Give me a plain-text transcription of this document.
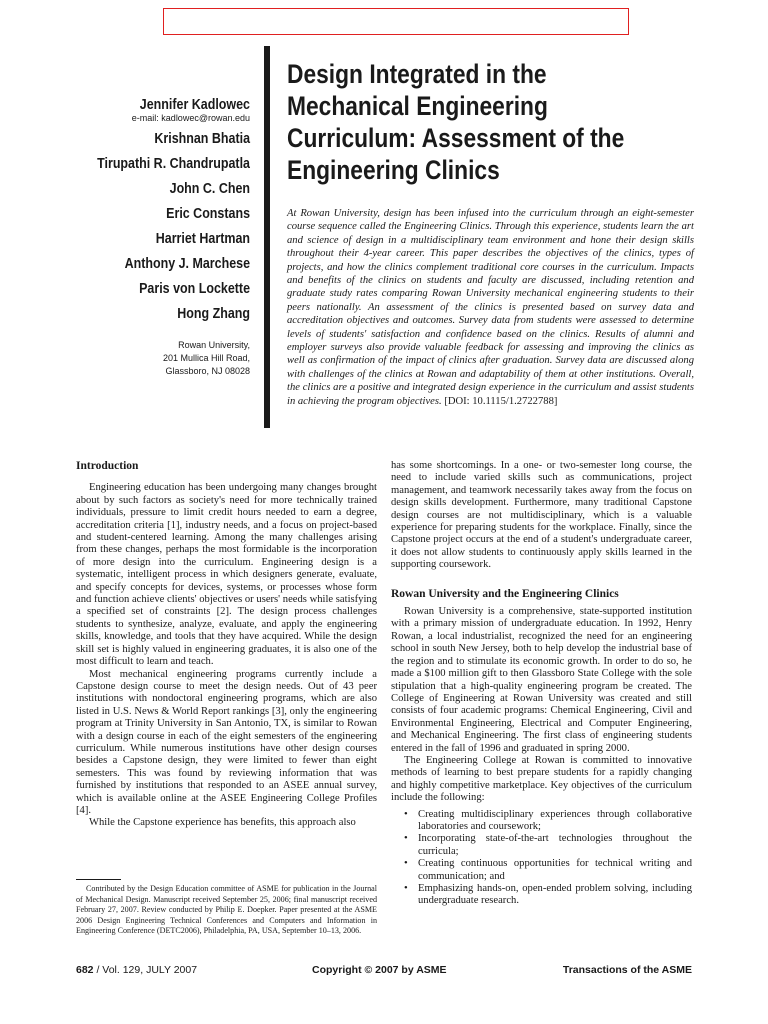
Jennifer Kadlowec
e-mail: kadlowec@rowan.edu
Krishnan Bhatia
Tirupathi R. Chandrupatla
John C. Chen
Eric Constans
Harriet Hartman
Anthony J. Marchese
Paris von Lockette
Hong Zhang
Rowan University,
201 Mullica Hill Road,
Glassboro, NJ 08028
Design Integrated in the Mechanical Engineering Curriculum: Assessment of the Engineering Clinics

At Rowan University, design has been infused into the curriculum through an eight-semester course sequence called the Engineering Clinics. Through this experience, students learn the art and science of design in a multidisciplinary team environment and hone their design skills throughout their 4-year career. This paper describes the objectives of the clinics, types of projects, and how the clinics complement traditional core courses in the curriculum. Impacts and benefits of the clinics on students and faculty are discussed, including retention and graduate study rates comparing Rowan University mechanical engineering students to their peers nationally. An assessment of the clinics is presented based on survey data and accreditation objectives and outcomes. Survey data from students were assessed to determine levels of students' satisfaction and confidence based on the clinics. Results of alumni and employer surveys also provide valuable feedback for assessing and improving the clinics as well as confirmation of the impact of clinics after graduation. Survey data are discussed along with challenges of the clinics at Rowan and adaptability of them at other institutions. Overall, the clinics are a positive and integrated design experience in the curriculum and assist students in achieving the program objectives. [DOI: 10.1115/1.2722788]

Introduction

Engineering education has been undergoing many changes brought about by such factors as society's need for more technically trained individuals, pressure to limit credit hours needed to earn a degree, accreditation criteria [1], industry needs, and a focus on project-based and student-centered learning. Among the many challenges arising from these changes, perhaps the most formidable is the incorporation of more design into the curriculum. Engineering design is a systematic, intelligent process in which designers generate, evaluate, and specify concepts for devices, systems, or processes whose form and function achieve clients' objectives or users' needs while satisfying a specified set of constraints [2]. The design process challenges students to synthesize, analyze, evaluate, and apply the engineering skills, knowledge, and tools that they have acquired. While the design skill set is highly valued in engineering graduates, it is also one of the most difficult to learn and teach.

Most mechanical engineering programs currently include a Capstone design course to meet the design needs. Out of 43 peer institutions with nondoctoral engineering programs, which are also listed in U.S. News & World Report rankings [3], only the engineering program at Trinity University in San Antonio, TX, is similar to Rowan with a design course in each of the eight semesters of the engineering curriculum. While numerous institutions have other design courses besides a Capstone design, they were limited to fewer than eight semesters. This was found by reviewing information that was furnished by institutions that responded to an ASEE annual survey, which is available online at the ASEE Engineering College Profiles [4].

While the Capstone experience has benefits, this approach also

has some shortcomings. In a one- or two-semester long course, the need to include varied skills such as communications, project management, and teamwork necessarily takes away from the focus on design skills development. Furthermore, many traditional Capstone design courses are not multidisciplinary, which is a valuable experience for preparing students for the workplace. Finally, since the Capstone project occurs at the end of a student's undergraduate career, it does not allow students to continuously apply skills learned in the supporting coursework.

Rowan University and the Engineering Clinics

Rowan University is a comprehensive, state-supported institution with a primary mission of undergraduate education. In 1992, Henry Rowan, a local industrialist, recognized the need for an engineering school in south New Jersey, both to help develop the industrial base of the region and to stimulate its economic growth. In order to do so, he made a $100 million gift to then Glassboro State College with the sole stipulation that a high-quality engineering program be created. The College of Engineering at Rowan University was created and still consists of four academic programs: Chemical Engineering, Civil and Environmental Engineering, Electrical and Computer Engineering, and Mechanical Engineering. The first class of engineering students entered in the fall of 1996 and graduated in spring 2000.

The Engineering College at Rowan is committed to innovative methods of learning to best prepare students for a rapidly changing and highly competitive marketplace. Key objectives of the curriculum include the following:

• Creating multidisciplinary experiences through collaborative laboratories and coursework;
• Incorporating state-of-the-art technologies throughout the curricula;
• Creating continuous opportunities for technical writing and communication; and
• Emphasizing hands-on, open-ended problem solving, including undergraduate research.

Contributed by the Design Education committee of ASME for publication in the Journal of Mechanical Design. Manuscript received September 25, 2006; final manuscript received February 27, 2007. Review conducted by Philip E. Doepker. Paper presented at the ASME 2006 Design Engineering Technical Conferences and Computers and Information in Engineering Conference (DETC2006), Philadelphia, PA, USA, September 10–13, 2006.

682 / Vol. 129, JULY 2007	Copyright © 2007 by ASME	Transactions of the ASME
